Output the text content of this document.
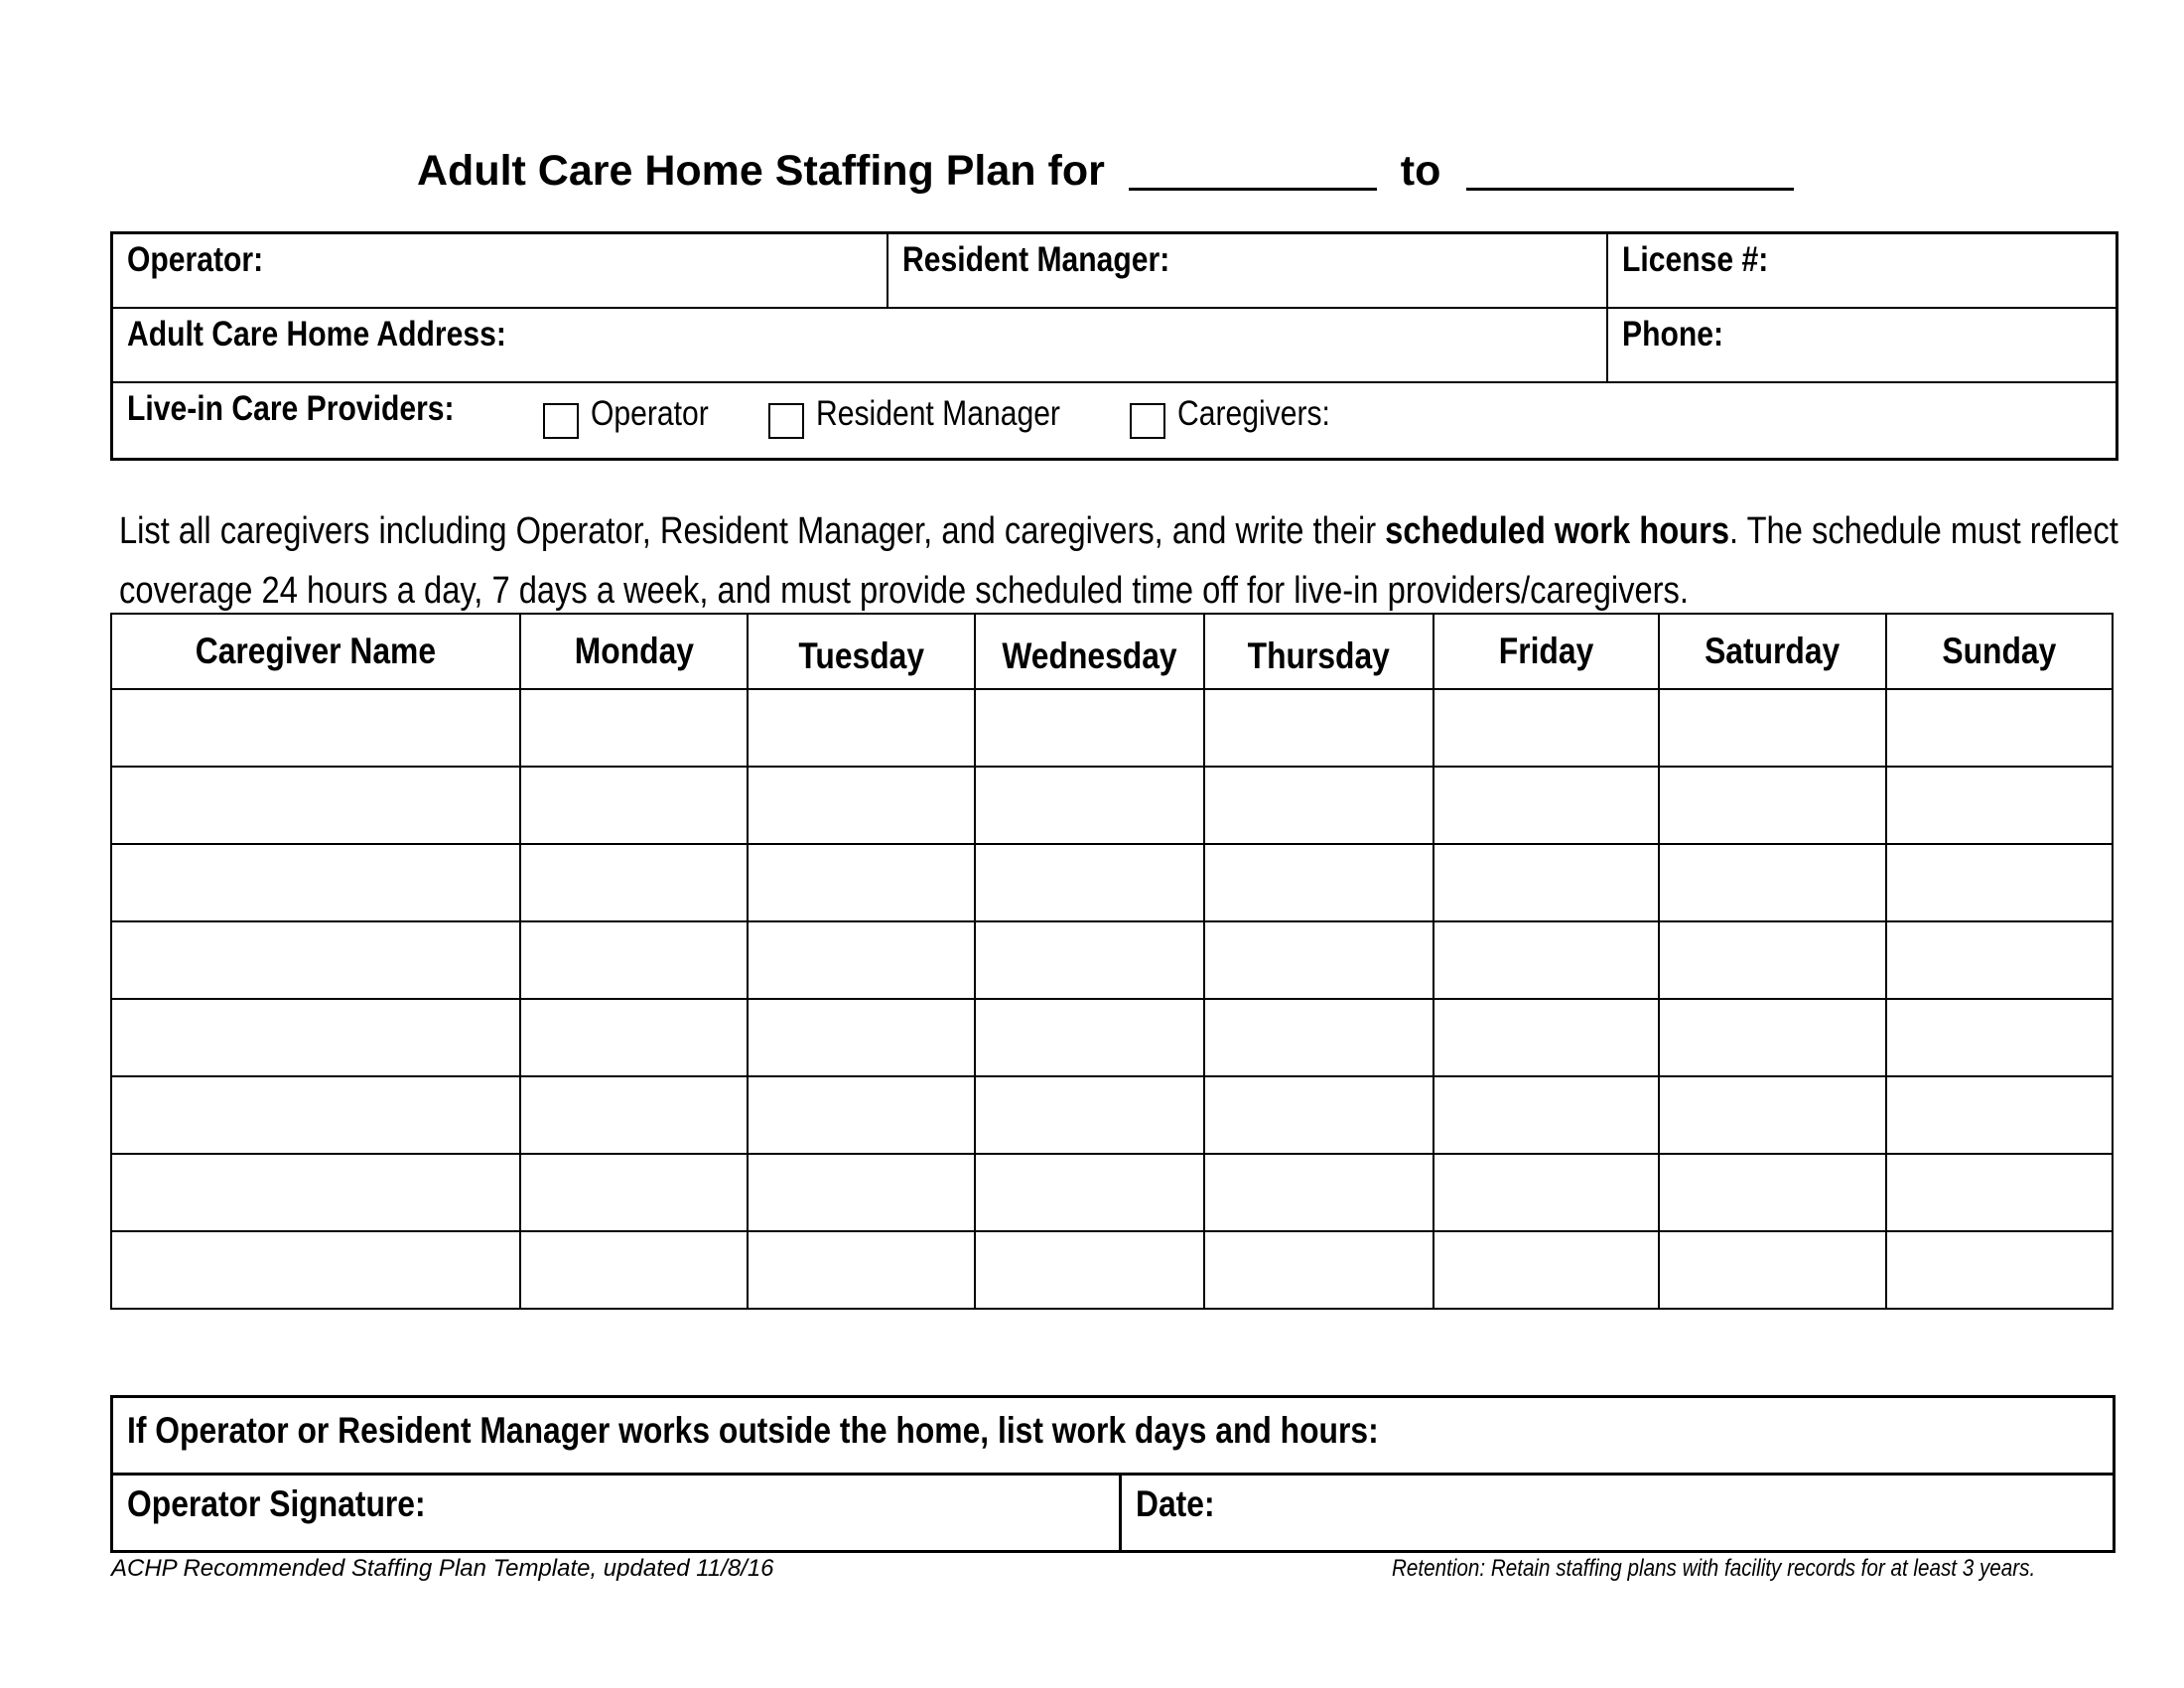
Adult Care Home Staffing Plan for	to
Operator:	Resident Manager:	License #:
Adult Care Home Address:	Phone:
Live-in Care Providers:	Operator	Resident Manager	Caregivers:
List all caregivers including Operator, Resident Manager, and caregivers, and write their scheduled work hours. The schedule must reflect
coverage 24 hours a day, 7 days a week, and must provide scheduled time off for live-in providers/caregivers.
Caregiver Name	Monday	Tuesday	Wednesday	Thursday	Friday	Saturday	Sunday

If Operator or Resident Manager works outside the home, list work days and hours:
Operator Signature:	Date:
ACHP Recommended Staffing Plan Template, updated 11/8/16	Retention: Retain staffing plans with facility records for at least 3 years.
